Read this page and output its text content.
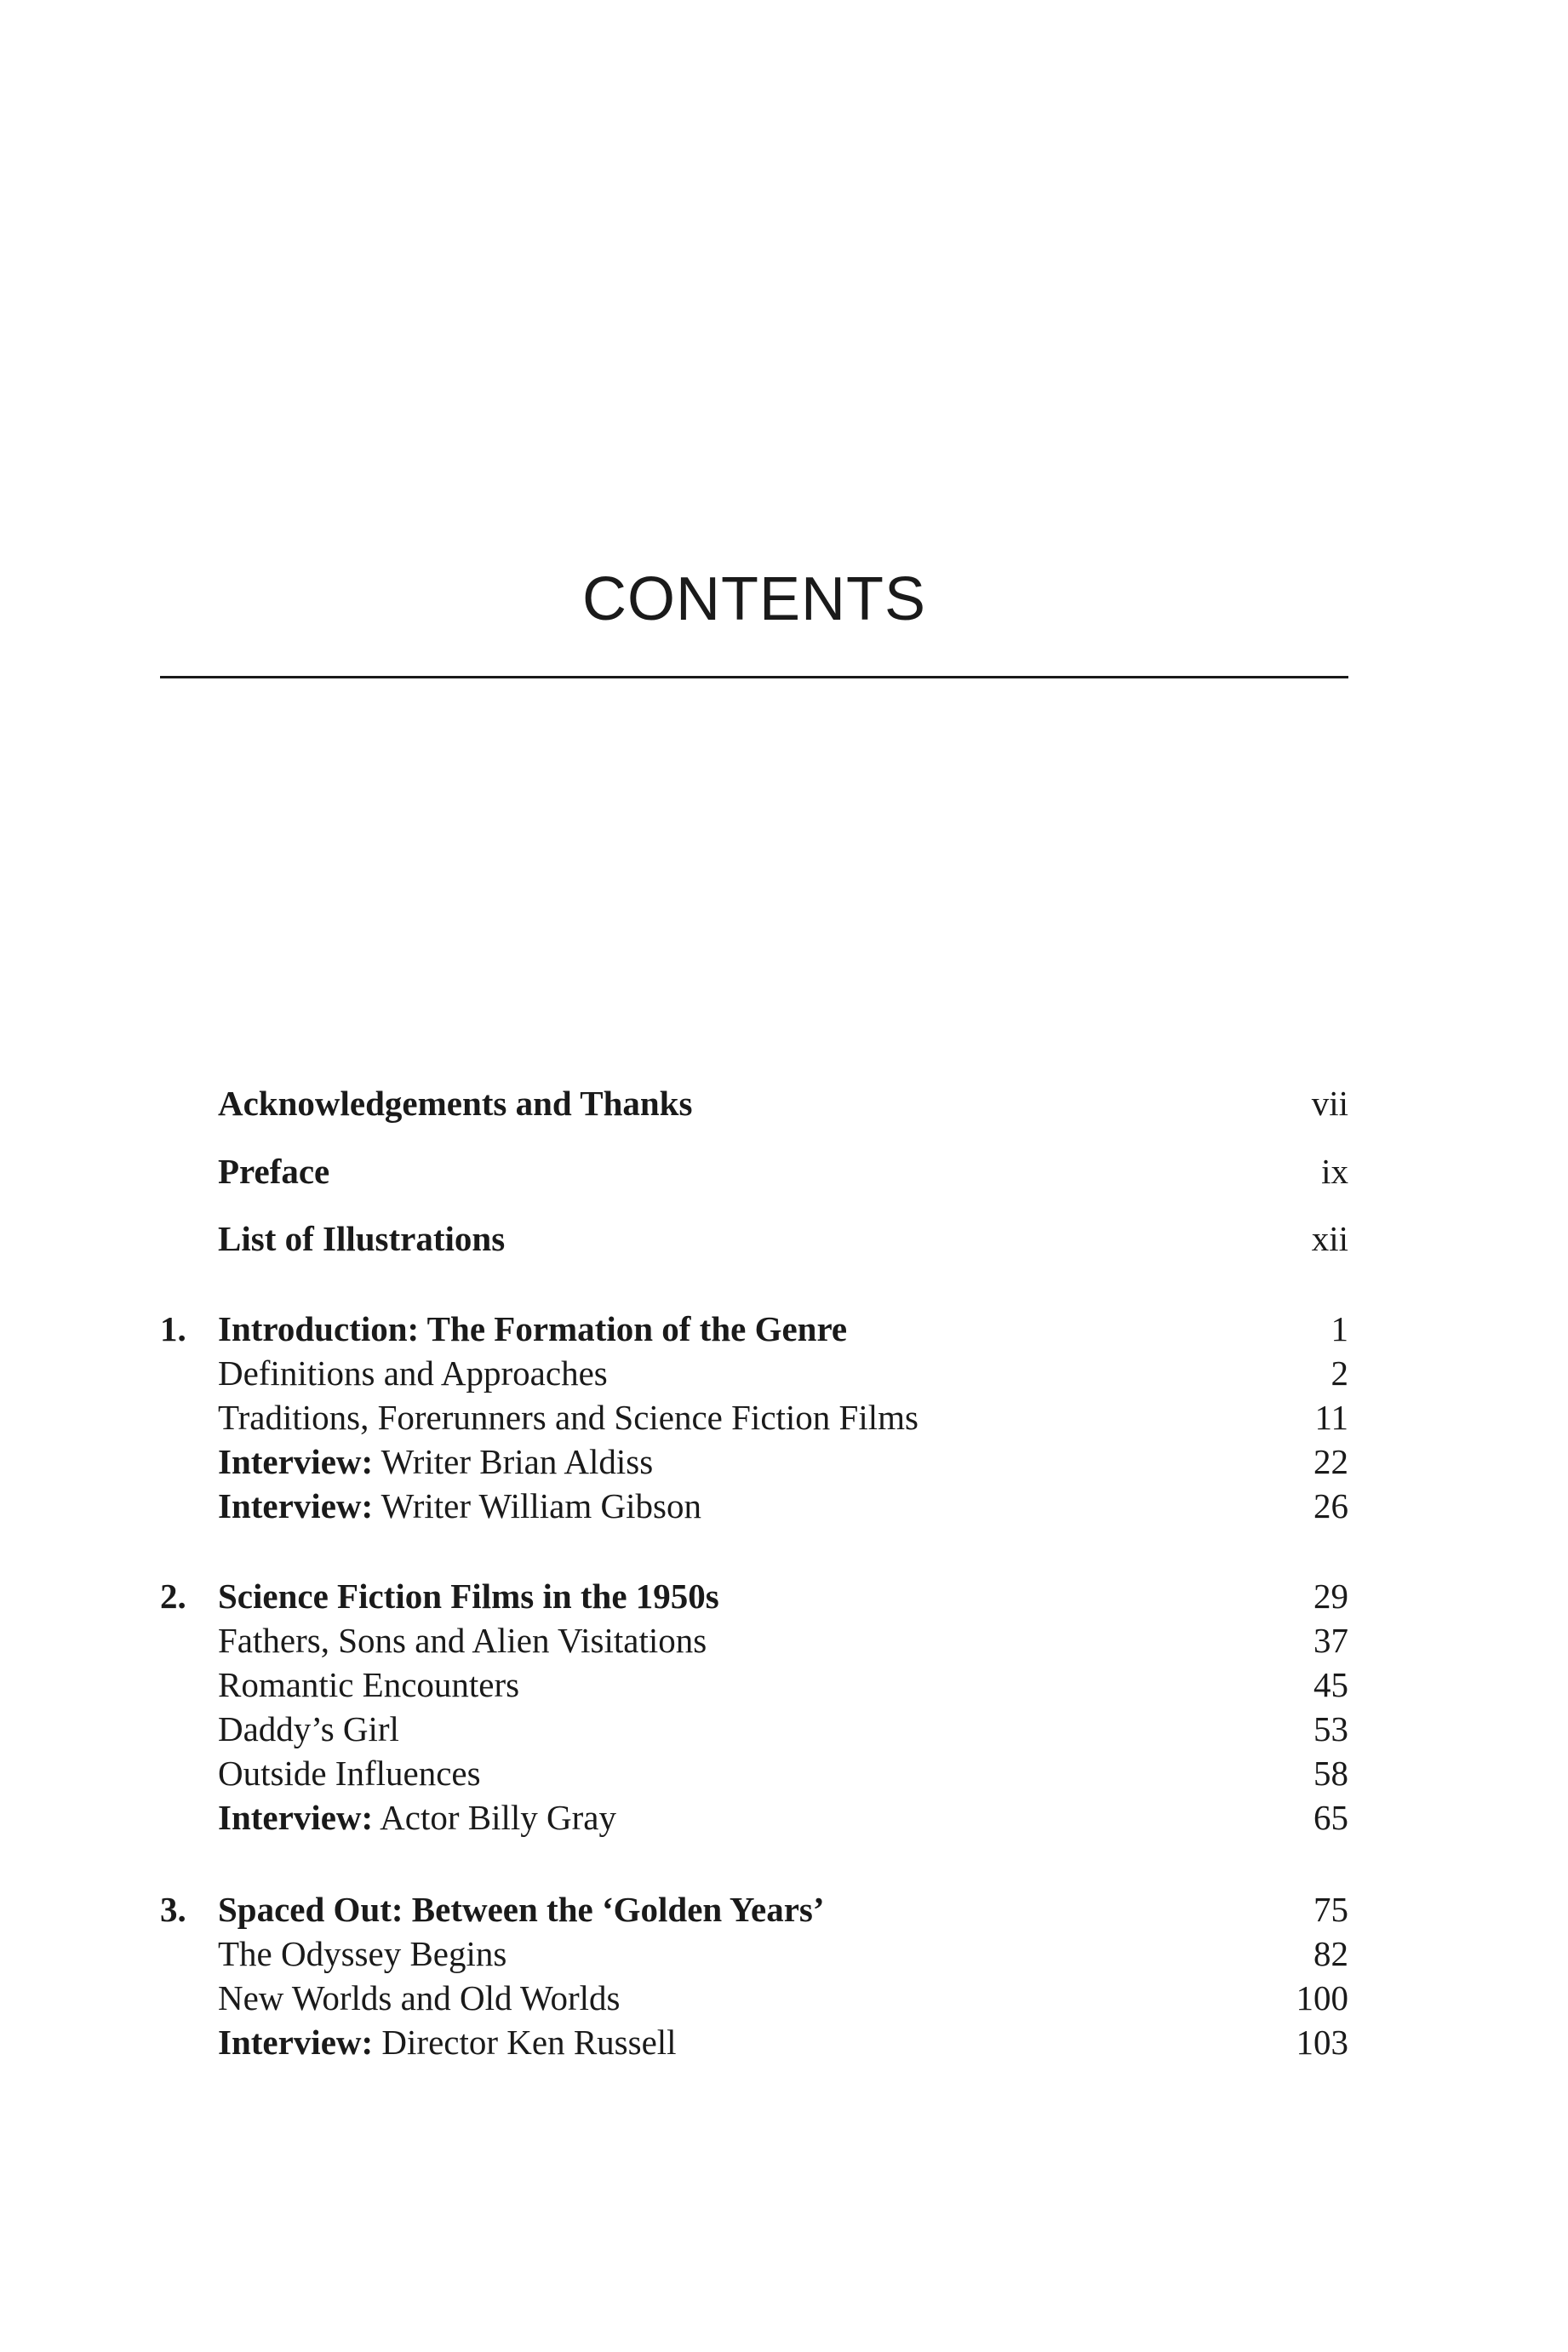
CONTENTS
Acknowledgements and Thanks	vii
Preface	ix
List of Illustrations	xii
1. Introduction: The Formation of the Genre	1
Definitions and Approaches	2
Traditions, Forerunners and Science Fiction Films	11
Interview: Writer Brian Aldiss	22
Interview: Writer William Gibson	26
2. Science Fiction Films in the 1950s	29
Fathers, Sons and Alien Visitations	37
Romantic Encounters	45
Daddy’s Girl	53
Outside Influences	58
Interview: Actor Billy Gray	65
3. Spaced Out: Between the ‘Golden Years’	75
The Odyssey Begins	82
New Worlds and Old Worlds	100
Interview: Director Ken Russell	103
